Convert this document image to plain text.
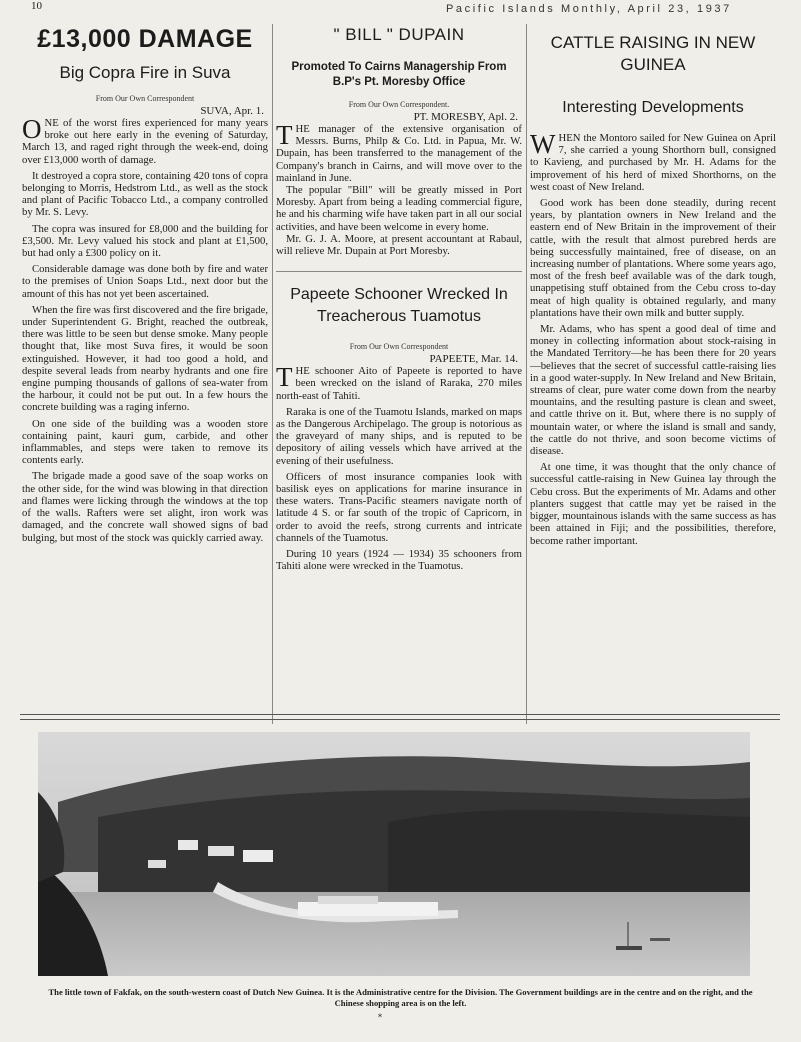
10	Pacific Islands Monthly, April 23, 1937
£13,000 DAMAGE
Big Copra Fire in Suva
From Our Own Correspondent
SUVA, Apr. 1.

ONE of the worst fires experienced for many years broke out here early in the evening of Saturday, March 13, and raged right through the week-end, doing over £13,000 worth of damage.

It destroyed a copra store, containing 420 tons of copra belonging to Morris, Hedstrom Ltd., as well as the stock and plant of Pacific Tobacco Ltd., a company controlled by Mr. S. Levy.

The copra was insured for £8,000 and the building for £3,500. Mr. Levy valued his stock and plant at £1,500, but had only a £300 policy on it.

Considerable damage was done both by fire and water to the premises of Union Soaps Ltd., next door but the amount of this has not yet been ascertained.

When the fire was first discovered and the fire brigade, under Superintendent G. Bright, reached the outbreak, there was little to be seen but dense smoke. Many people thought that, like most Suva fires, it would be soon extinguished. However, it had too good a hold, and despite several leads from nearby hydrants and one fire engine pumping thousands of gallons of sea-water from the harbour, it could not be put out. In a few hours the concrete building was a raging inferno.

On one side of the building was a wooden store containing paint, kauri gum, carbide, and other inflammables, and steps were taken to remove its contents early.

The brigade made a good save of the soap works on the other side, for the wind was blowing in that direction and flames were licking through the windows at the top of the walls. Rafters were set alight, iron work was damaged, and the concrete wall showed signs of bad bulging, but most of the stock was quickly carried away.

" BILL " DUPAIN
Promoted To Cairns Managership From B.P's Pt. Moresby Office
From Our Own Correspondent.
PT. MORESBY, Apl. 2.

THE manager of the extensive organisation of Messrs. Burns, Philp & Co. Ltd. in Papua, Mr. W. Dupain, has been transferred to the management of the Company's branch in Cairns, and will move over to the mainland in June.

The popular "Bill" will be greatly missed in Port Moresby. Apart from being a leading commercial figure, he and his charming wife have taken part in all our social activities, and have been welcome in every home.

Mr. G. J. A. Moore, at present accountant at Rabaul, will relieve Mr. Dupain at Port Moresby.

Papeete Schooner Wrecked In Treacherous Tuamotus
From Our Own Correspondent
PAPEETE, Mar. 14.

THE schooner Aito of Papeete is reported to have been wrecked on the island of Raraka, 270 miles north-east of Tahiti.

Raraka is one of the Tuamotu Islands, marked on maps as the Dangerous Archipelago. The group is notorious as the graveyard of many ships, and is reputed to be depository of ailing vessels which have arrived at the evening of their usefulness.

Officers of most insurance companies look with basilisk eyes on applications for marine insurance in these waters. Trans-Pacific steamers navigate north of latitude 4 S. or far south of the tropic of Capricorn, in order to avoid the reefs, strong currents and intricate channels of the Tuamotus.

During 10 years (1924 — 1934) 35 schooners from Tahiti alone were wrecked in the Tuamotus.

CATTLE RAISING IN NEW GUINEA
Interesting Developments

WHEN the Montoro sailed for New Guinea on April 7, she carried a young Shorthorn bull, consigned to Kavieng, and purchased by Mr. H. Adams for the improvement of his herd of mixed Shorthorns, on the west coast of New Ireland.

Good work has been done steadily, during recent years, by plantation owners in New Ireland and the eastern end of New Britain in the improvement of their cattle, with the result that almost purebred herds are being successfully maintained, free of disease, on an increasing number of plantations. Where some years ago, most of the fresh beef available was of the dark tough, unappetising stuff obtained from the Cebu cross to-day meat of high quality is obtained regularly, and many plantations have their own milk and butter supply.

Mr. Adams, who has spent a good deal of time and money in collecting information about stock-raising in the Mandated Territory—he has been there for 20 years —believes that the secret of successful cattle-raising lies in a good water-supply. In New Ireland and New Britain, streams of clear, pure water come down from the nearby mountains, and the resulting pasture is clean and sweet, and cattle thrive on it. But, where there is no supply of mountain water, or where the island is small and sandy, the cattle do not thrive, and soon become victims of disease.

At one time, it was thought that the only chance of successful cattle-raising in New Guinea lay through the Cebu cross. But the experiments of Mr. Adams and other planters suggest that cattle may yet be raised in the bigger, mountainous islands with the same success as has been attained in Fiji; and the possibilities, therefore, become rather important.

The little town of Fakfak, on the south-western coast of Dutch New Guinea. It is the Administrative centre for the Division. The Government buildings are in the centre and on the right, and the Chinese shopping area is on the left.
*
